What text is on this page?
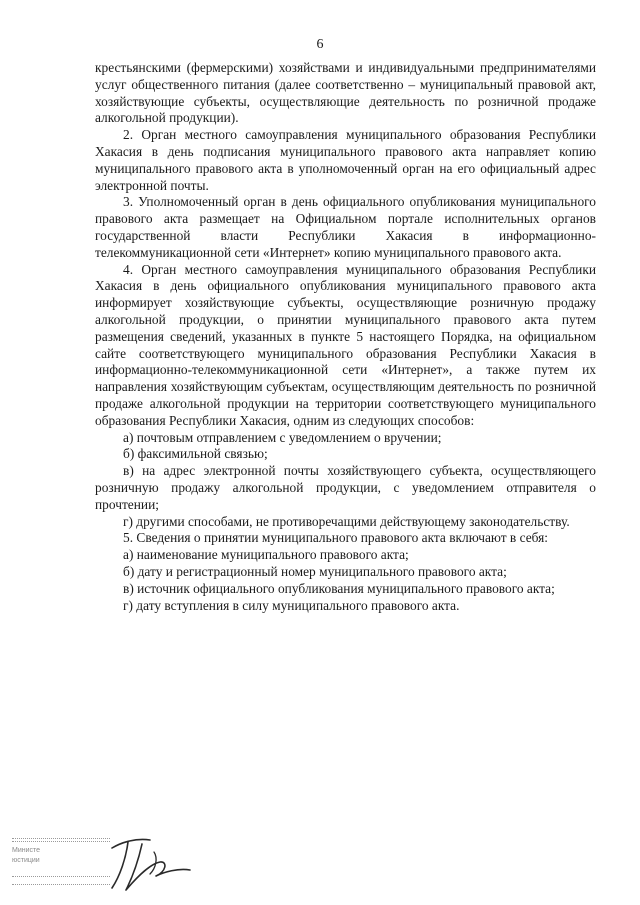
6

крестьянскими (фермерскими) хозяйствами и индивидуальными предпринимателями услуг общественного питания (далее соответственно – муниципальный правовой акт, хозяйствующие субъекты, осуществляющие деятельность по розничной продаже алкогольной продукции).

2. Орган местного самоуправления муниципального образования Республики Хакасия в день подписания муниципального правового акта направляет копию муниципального правового акта в уполномоченный орган на его официальный адрес электронной почты.

3. Уполномоченный орган в день официального опубликования муниципального правового акта размещает на Официальном портале исполнительных органов государственной власти Республики Хакасия в информационно-телекоммуникационной сети «Интернет» копию муниципального правового акта.

4. Орган местного самоуправления муниципального образования Республики Хакасия в день официального опубликования муниципального правового акта информирует хозяйствующие субъекты, осуществляющие розничную продажу алкогольной продукции, о принятии муниципального правового акта путем размещения сведений, указанных в пункте 5 настоящего Порядка, на официальном сайте соответствующего муниципального образования Республики Хакасия в информационно-телекоммуникационной сети «Интернет», а также путем их направления хозяйствующим субъектам, осуществляющим деятельность по розничной продаже алкогольной продукции на территории соответствующего муниципального образования Республики Хакасия, одним из следующих способов:

а) почтовым отправлением с уведомлением о вручении;

б) факсимильной связью;

в) на адрес электронной почты хозяйствующего субъекта, осуществляющего розничную продажу алкогольной продукции, с уведомлением отправителя о прочтении;

г) другими способами, не противоречащими действующему законодательству.

5. Сведения о принятии муниципального правового акта включают в себя:

а) наименование муниципального правового акта;

б) дату и регистрационный номер муниципального правового акта;

в) источник официального опубликования муниципального правового акта;

г) дату вступления в силу муниципального правового акта.

Министе
юстиции
